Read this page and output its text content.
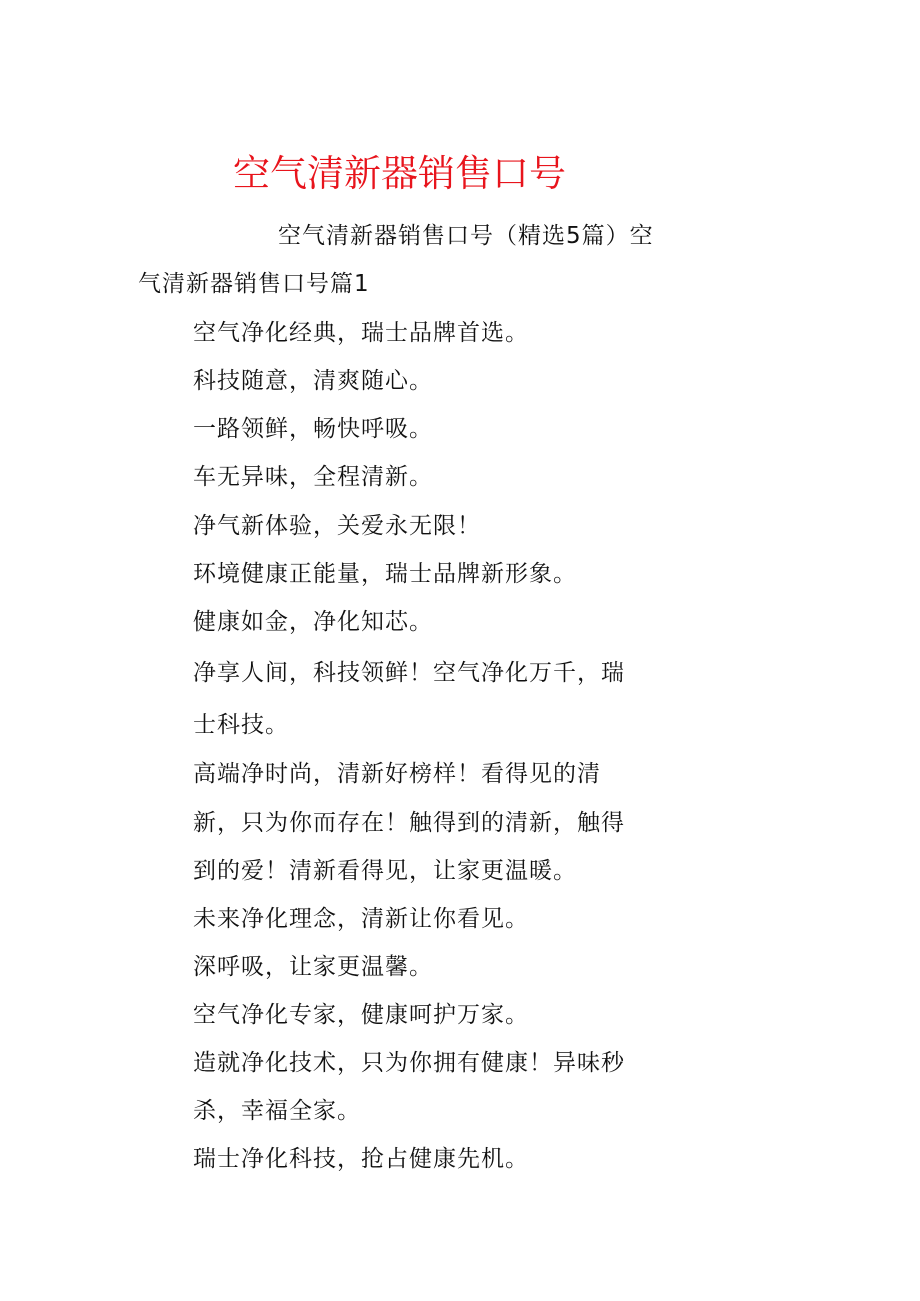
空气清新器销售口号
空气清新器销售口号（精选5篇）空
气清新器销售口号篇1
空气净化经典，瑞士品牌首选。
科技随意，清爽随心。
一路领鲜，畅快呼吸。
车无异味，全程清新。
净气新体验，关爱永无限！
环境健康正能量，瑞士品牌新形象。
健康如金，净化知芯。
净享人间，科技领鲜！空气净化万千，瑞
士科技。
高端净时尚，清新好榜样！看得见的清
新，只为你而存在！触得到的清新，触得
到的爱！清新看得见，让家更温暖。
未来净化理念，清新让你看见。
深呼吸，让家更温馨。
空气净化专家，健康呵护万家。
造就净化技术，只为你拥有健康！异味秒
杀，幸福全家。
瑞士净化科技，抢占健康先机。
